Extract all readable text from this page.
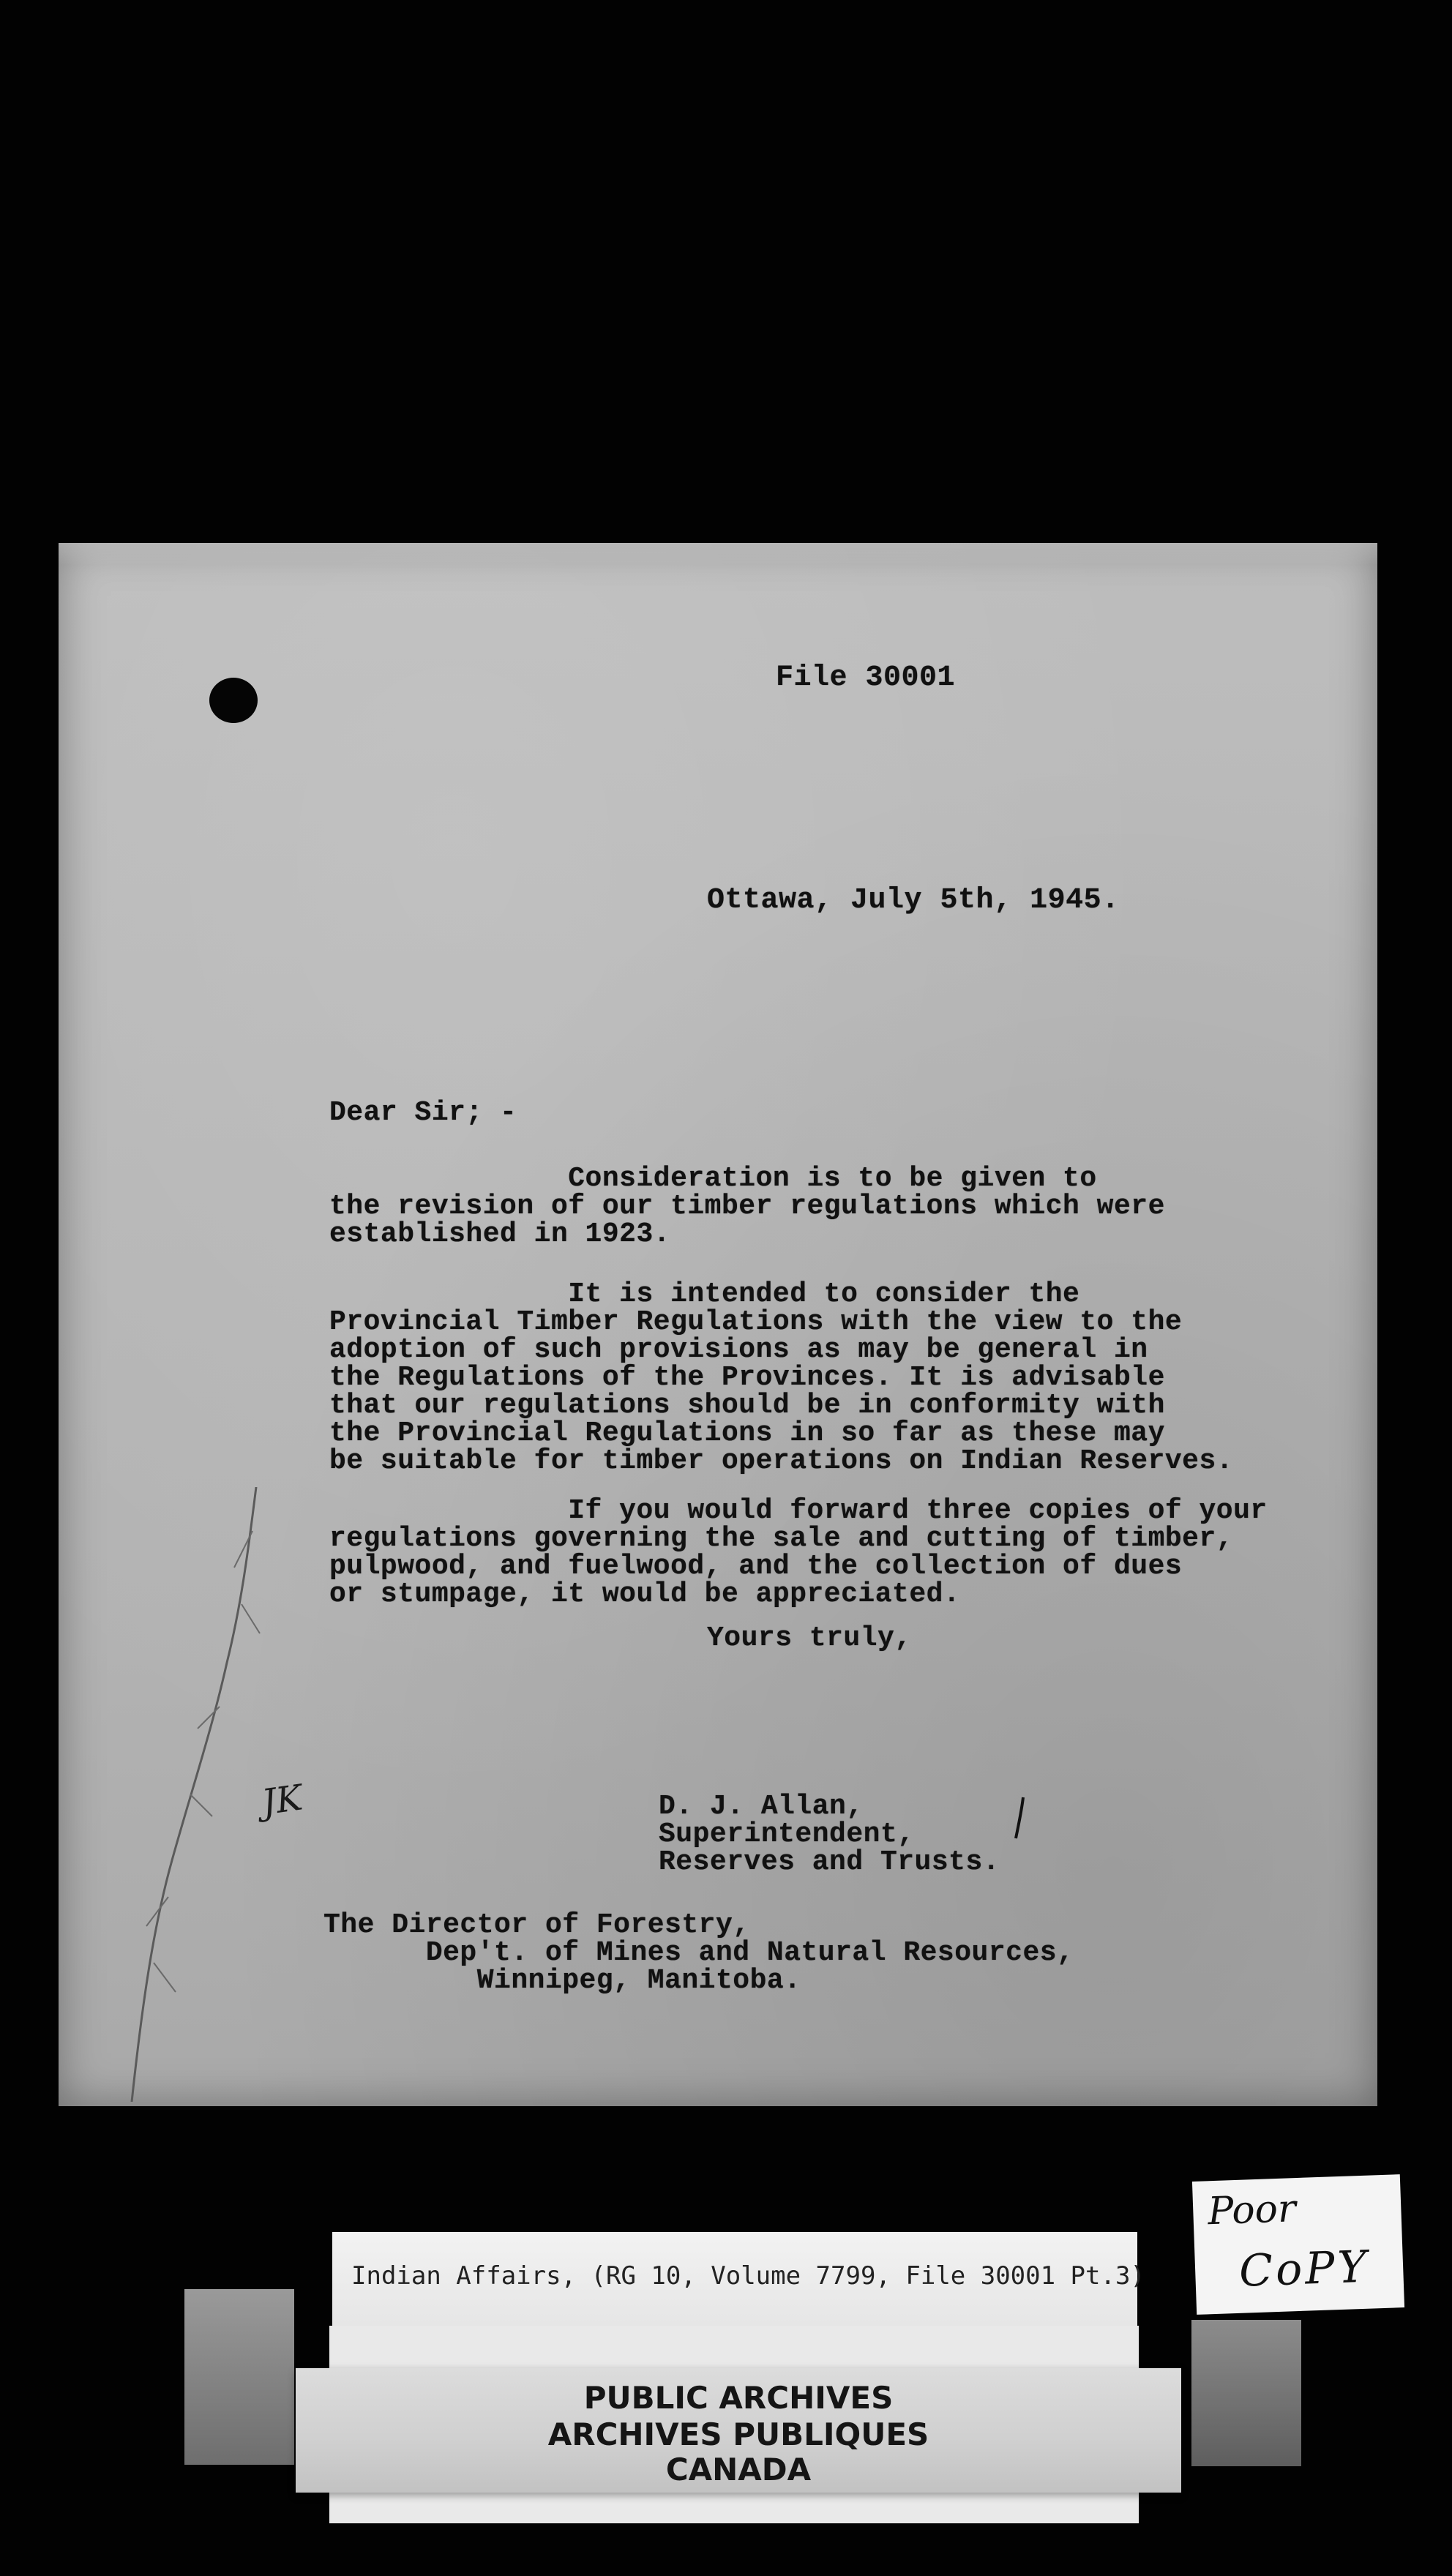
File 30001
Ottawa, July 5th, 1945.
Dear Sir; -
Consideration is to be given to
the revision of our timber regulations which were
established in 1923.
It is intended to consider the
Provincial Timber Regulations with the view to the
adoption of such provisions as may be general in
the Regulations of the Provinces. It is advisable
that our regulations should be in conformity with
the Provincial Regulations in so far as these may
be suitable for timber operations on Indian Reserves.
If you would forward three copies of your
regulations governing the sale and cutting of timber,
pulpwood, and fuelwood, and the collection of dues
or stumpage, it would be appreciated.
Yours truly,
JK	D. J. Allan,
Superintendent,
Reserves and Trusts.
The Director of Forestry,
Dep't. of Mines and Natural Resources,
Winnipeg, Manitoba.
Indian Affairs, (RG 10, Volume 7799, File 30001 Pt.3)
Poor
CoPY
PUBLIC ARCHIVES
ARCHIVES PUBLIQUES
CANADA
